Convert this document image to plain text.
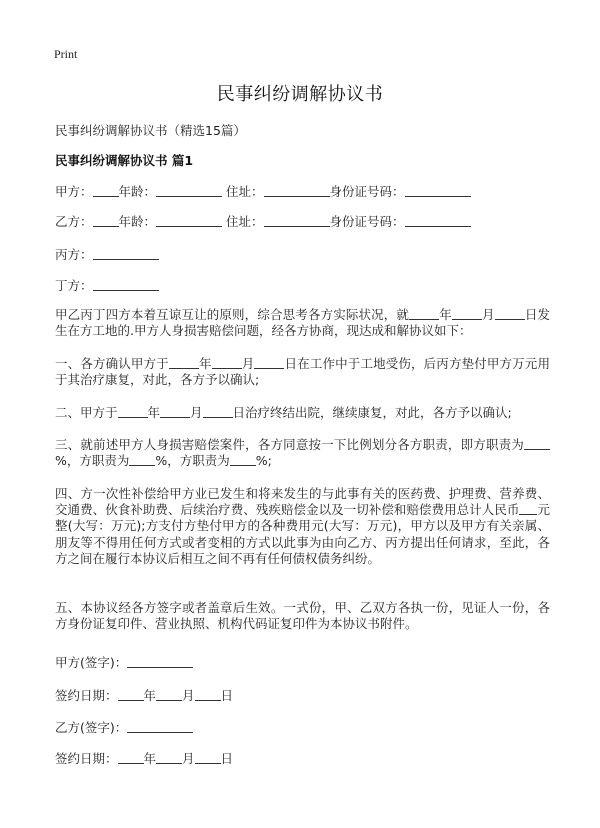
Print
民事纠纷调解协议书
民事纠纷调解协议书（精选15篇）
民事纠纷调解协议书 篇1
甲方： 年龄：	住址：	身份证号码：
乙方： 年龄：	住址：	身份证号码：
丙方：
丁方：
甲乙丙丁四方本着互谅互让的原则，综合思考各方实际状况，就 年 月 日发生在方工地的.甲方人身损害赔偿问题，经各方协商，现达成和解协议如下：
一、各方确认甲方于 年 月 日在工作中于工地受伤，后丙方垫付甲方万元用于其治疗康复，对此，各方予以确认;
二、甲方于 年 月 日治疗终结出院，继续康复，对此，各方予以确认;
三、就前述甲方人身损害赔偿案件，各方同意按一下比例划分各方职责，即方职责为%，方职责为 %，方职责为 %;
四、方一次性补偿给甲方业已发生和将来发生的与此事有关的医药费、护理费、营养费、交通费、伙食补助费、后续治疗费、残疾赔偿金以及一切补偿和赔偿费用总计人民币 元整(大写：万元);方支付方垫付甲方的各种费用元(大写：万元)，甲方以及甲方有关亲属、朋友等不得用任何方式或者变相的方式以此事为由向乙方、丙方提出任何请求，至此，各方之间在履行本协议后相互之间不再有任何债权债务纠纷。
五、本协议经各方签字或者盖章后生效。一式份，甲、乙双方各执一份，见证人一份，各方身份证复印件、营业执照、机构代码证复印件为本协议书附件。
甲方(签字)：
签约日期： 年 月 日
乙方(签字)：
签约日期： 年 月 日
